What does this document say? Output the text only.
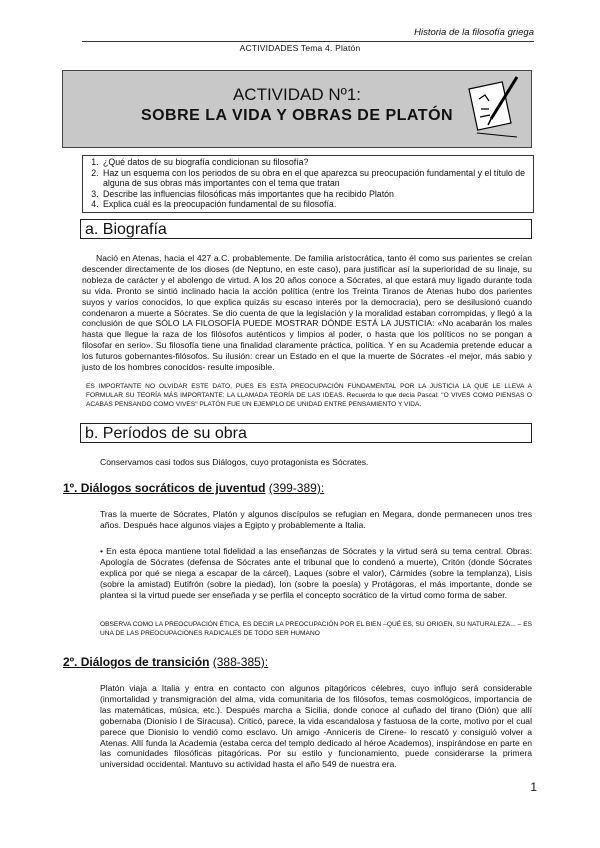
Historia de la filosofía griega
ACTIVIDADES Tema 4. Platón
ACTIVIDAD Nº1:
SOBRE LA VIDA Y OBRAS DE PLATÓN
1. ¿Qué datos de su biografía condicionan su filosofía?
2. Haz un esquema con los periodos de su obra en el que aparezca su preocupación fundamental y el título de alguna de sus obras más importantes con el tema que tratan
3. Describe las influencias filosóficas más importantes que ha recibido Platón
4. Explica cuál es la preocupación fundamental de su filosofía.
a. Biografía
Nació en Atenas, hacia el 427 a.C. probablemente. De familia aristocrática, tanto él como sus parientes se creían descender directamente de los dioses (de Neptuno, en este caso), para justificar así la superioridad de su linaje, su nobleza de carácter y el abolengo de virtud. A los 20 años conoce a Sócrates, al que estará muy ligado durante toda su vida. Pronto se sintió inclinado hacia la acción política (entre los Treinta Tiranos de Atenas hubo dos parientes suyos y varios conocidos, lo que explica quizás su escaso interés por la democracia), pero se desilusionó cuando condenaron a muerte a Sócrates. Se dio cuenta de que la legislación y la moralidad estaban corrompidas, y llegó a la conclusión de que SÓLO LA FILOSOFÍA PUEDE MOSTRAR DÓNDE ESTÁ LA JUSTICIA: «No acabarán los males hasta que llegue la raza de los filósofos auténticos y limpios al poder, o hasta que los políticos no se pongan a filosofar en serio». Su filosofía tiene una finalidad claramente práctica, política. Y en su Academia pretende educar a los futuros gobernantes-filósofos. Su ilusión: crear un Estado en el que la muerte de Sócrates -el mejor, más sabio y justo de los hombres conocidos- resulte imposible.
ES IMPORTANTE NO OLVIDAR ESTE DATO, PUES ES ESTA PREOCUPACIÓN FUNDAMENTAL POR LA JUSTICIA LA QUE LE LLEVA A FORMULAR SU TEORÍA MÁS IMPORTANTE: LA LLAMADA TEORÍA DE LAS IDEAS. Recuerda lo que decía Pascal: "O VIVES COMO PIENSAS O ACABAS PENSANDO COMO VIVES" PLATÓN FUE UN EJEMPLO DE UNIDAD ENTRE PENSAMIENTO Y VIDA.
b. Períodos de su obra
Conservamos casi todos sus Diálogos, cuyo protagonista es Sócrates.
1º. Diálogos socráticos de juventud (399-389):
Tras la muerte de Sócrates, Platón y algunos discípulos se refugian en Megara, donde permanecen unos tres años. Después hace algunos viajes a Egipto y probablemente a Italia.
• En esta época mantiene total fidelidad a las enseñanzas de Sócrates y la virtud será su tema central. Obras: Apología de Sócrates (defensa de Sócrates ante el tribunal que lo condenó a muerte), Critón (donde Sócrates explica por qué se niega a escapar de la cárcel), Laques (sobre el valor), Cármides (sobre la templanza), Lisis (sobre la amistad) Eutifrón (sobre la piedad), Ion (sobre la poesía) y Protágoras, el más importante, donde se plantea si la virtud puede ser enseñada y se perfila el concepto socrático de la virtud como forma de saber.
OBSERVA COMO LA PREOCUPACIÓN ÉTICA, ES DECIR LA PREOCUPACIÓN POR EL BIEN –QUÉ ES, SU ORIGEN, SU NATURALEZA... – ES UNA DE LAS PREOCUPACIONES RADICALES DE TODO SER HUMANO
2º. Diálogos de transición (388-385):
Platón viaja a Italia y entra en contacto con algunos pitagóricos célebres, cuyo influjo será considerable (inmortalidad y transmigración del alma, vida comunitaria de los filósofos, temas cosmológicos, importancia de las matemáticas, música, etc.). Después marcha a Sicilia, donde conoce al cuñado del tirano (Dión) que allí gobernaba (Dionisio I de Siracusa). Criticó, parece, la vida escandalosa y fastuosa de la corte, motivo por el cual parece que Dionisio lo vendió como esclavo. Un amigo -Anniceris de Cirene- lo rescató y consiguió volver a Atenas. Allí funda la Academia (estaba cerca del templo dedicado al héroe Academos), inspirándose en parte en las comunidades filosóficas pitagóricas. Por su estilo y funcionamiento, puede considerarse la primera universidad occidental. Mantuvo su actividad hasta el año 549 de nuestra era.
1
